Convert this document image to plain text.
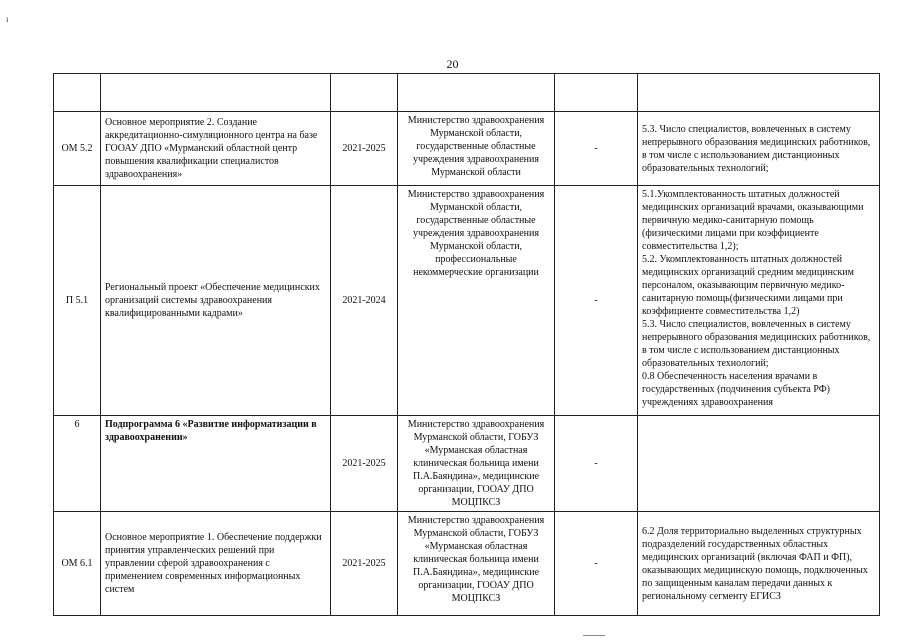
ı
20

ОМ 5.2	Основное мероприятие 2. Создание аккредитационно-симуляционного центра на базе ГООАУ ДПО «Мурманский областной центр повышения квалификации специалистов здравоохранения»	2021-2025	Министерство здравоохранения Мурманской области, государственные областные учреждения здравоохранения Мурманской области	-	5.3. Число специалистов, вовлеченных в систему непрерывного образования медицинских работников, в том числе с использованием дистанционных образовательных технологий;

П 5.1	Региональный проект «Обеспечение медицинских организаций системы здравоохранения квалифицированными кадрами»	2021-2024	Министерство здравоохранения Мурманской области, государственные областные учреждения здравоохранения Мурманской области, профессиональные некоммерческие организации	-	5.1.Укомплектованность штатных должностей медицинских организаций врачами, оказывающими первичную медико-санитарную помощь (физическими лицами при коэффициенте совместительства 1,2);
5.2. Укомплектованность штатных должностей медицинских организаций средним медицинским персоналом, оказывающим первичную медико-санитарную помощь(физическими лицами при коэффициенте совместительства 1,2)
5.3. Число специалистов, вовлеченных в систему непрерывного образования медицинских работников, в том числе с использованием дистанционных образовательных технологий;
0.8 Обеспеченность населения врачами в государственных (подчинения субъекта РФ) учреждениях здравоохранения

6	Подпрограмма 6 «Развитие информатизации в здравоохранении»	2021-2025	Министерство здравоохранения Мурманской области, ГОБУЗ «Мурманская областная клиническая больница имени П.А.Баяндина», медицинские организации, ГООАУ ДПО МОЦПКСЗ	-	
ОМ 6.1	Основное мероприятие 1. Обеспечение поддержки принятия управленческих решений при управлении сферой здравоохранения с применением современных информационных систем	2021-2025	Министерство здравоохранения Мурманской области, ГОБУЗ «Мурманская областная клиническая больница имени П.А.Баяндина», медицинские организации, ГООАУ ДПО МОЦПКСЗ	-	6.2 Доля территориально выделенных структурных подразделений государственных областных медицинских организаций (включая ФАП и ФП), оказывающих медицинскую помощь, подключенных по защищенным каналам передачи данных к региональному сегменту ЕГИСЗ
